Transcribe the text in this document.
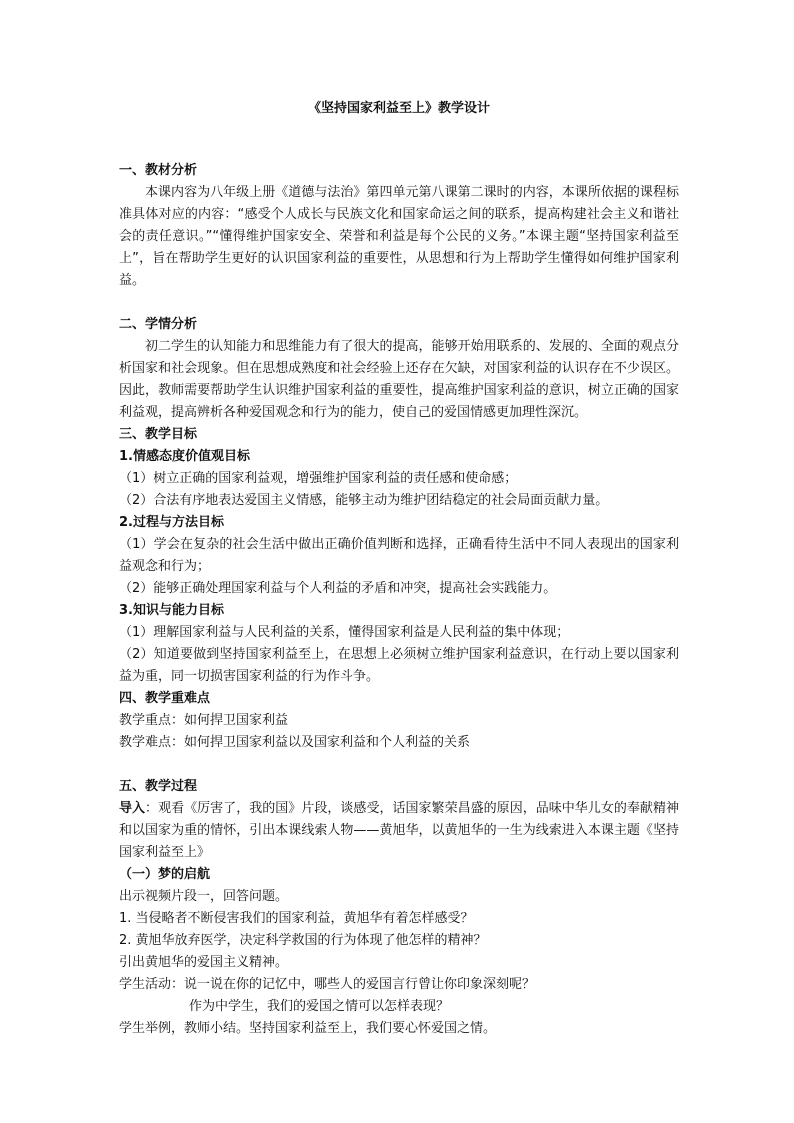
《坚持国家利益至上》教学设计

一、教材分析

本课内容为八年级上册《道德与法治》第四单元第八课第二课时的内容，本课所依据的课程标准具体对应的内容：“感受个人成长与民族文化和国家命运之间的联系，提高构建社会主义和谐社会的责任意识。”“懂得维护国家安全、荣誉和利益是每个公民的义务。”本课主题“坚持国家利益至上”，旨在帮助学生更好的认识国家利益的重要性，从思想和行为上帮助学生懂得如何维护国家利益。

二、学情分析

初二学生的认知能力和思维能力有了很大的提高，能够开始用联系的、发展的、全面的观点分析国家和社会现象。但在思想成熟度和社会经验上还存在欠缺，对国家利益的认识存在不少误区。因此，教师需要帮助学生认识维护国家利益的重要性，提高维护国家利益的意识，树立正确的国家利益观，提高辨析各种爱国观念和行为的能力，使自己的爱国情感更加理性深沉。

三、教学目标

1.情感态度价值观目标

（1）树立正确的国家利益观，增强维护国家利益的责任感和使命感；

（2）合法有序地表达爱国主义情感，能够主动为维护团结稳定的社会局面贡献力量。

2.过程与方法目标

（1）学会在复杂的社会生活中做出正确价值判断和选择，正确看待生活中不同人表现出的国家利益观念和行为；

（2）能够正确处理国家利益与个人利益的矛盾和冲突，提高社会实践能力。

3.知识与能力目标

（1）理解国家利益与人民利益的关系，懂得国家利益是人民利益的集中体现；

（2）知道要做到坚持国家利益至上，在思想上必须树立维护国家利益意识，在行动上要以国家利益为重，同一切损害国家利益的行为作斗争。

四、教学重难点

教学重点：如何捍卫国家利益

教学难点：如何捍卫国家利益以及国家利益和个人利益的关系

五、教学过程

导入：观看《厉害了，我的国》片段，谈感受，话国家繁荣昌盛的原因，品味中华儿女的奉献精神和以国家为重的情怀，引出本课线索人物——黄旭华，以黄旭华的一生为线索进入本课主题《坚持国家利益至上》

（一）梦的启航

出示视频片段一，回答问题。

1. 当侵略者不断侵害我们的国家利益，黄旭华有着怎样感受？

2. 黄旭华放弃医学，决定科学救国的行为体现了他怎样的精神？

引出黄旭华的爱国主义精神。

学生活动：说一说在你的记忆中，哪些人的爱国言行曾让你印象深刻呢？

作为中学生，我们的爱国之情可以怎样表现？

学生举例，教师小结。坚持国家利益至上，我们要心怀爱国之情。
